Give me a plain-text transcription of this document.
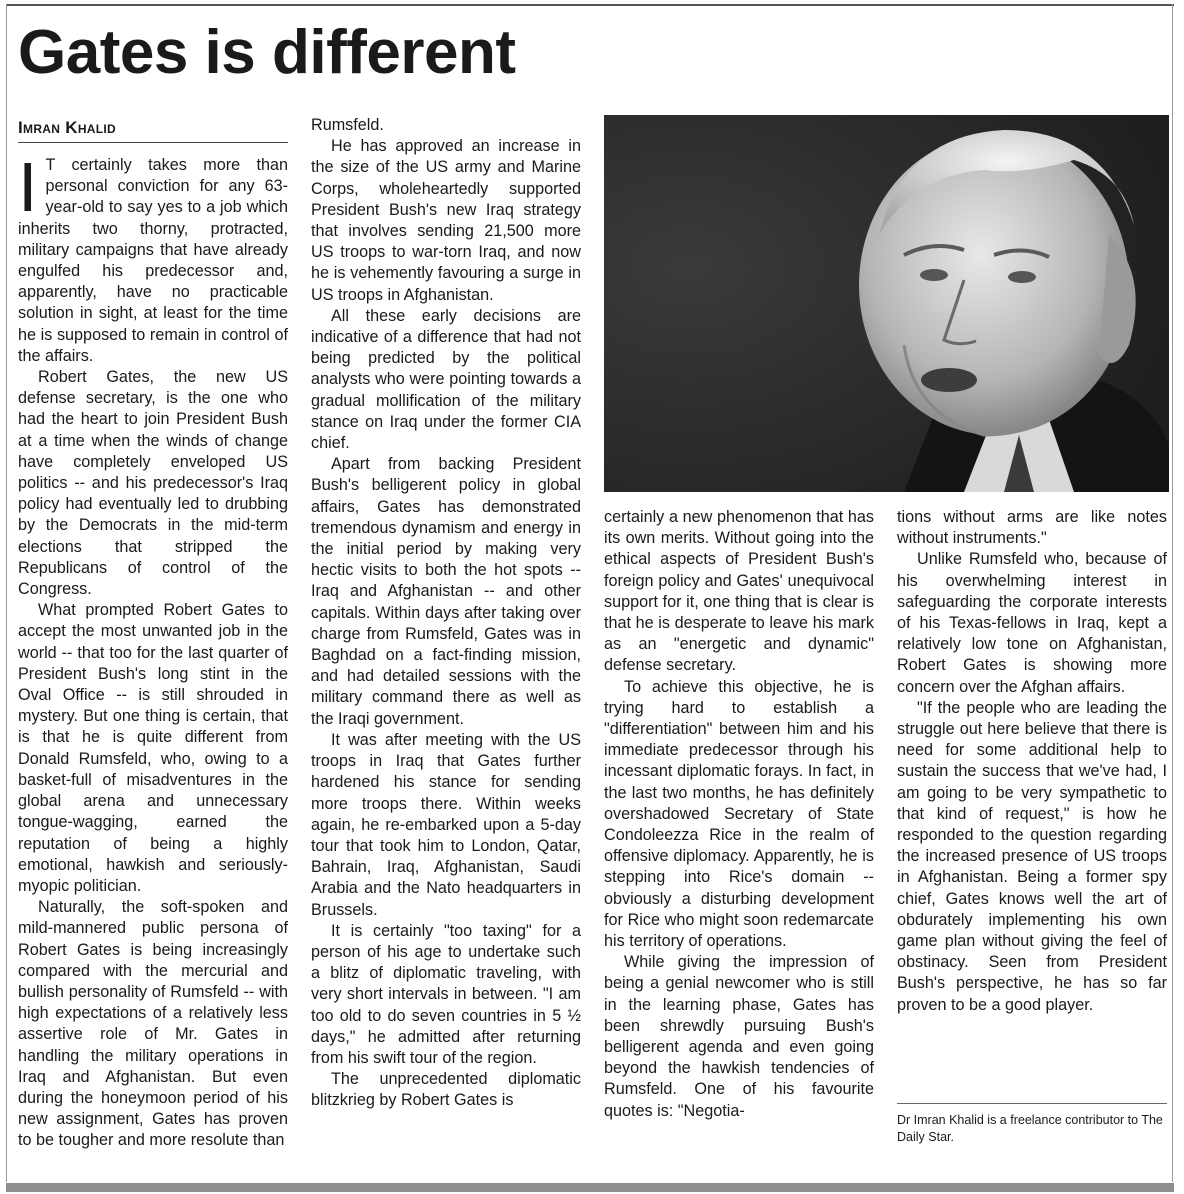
Gates is different
Imran Khalid

I T certainly takes more than personal conviction for any 63-year-old to say yes to a job which inherits two thorny, protracted, military campaigns that have already engulfed his predecessor and, apparently, have no practicable solution in sight, at least for the time he is supposed to remain in control of the affairs.

Robert Gates, the new US defense secretary, is the one who had the heart to join President Bush at a time when the winds of change have completely enveloped US politics -- and his predecessor's Iraq policy had eventually led to drubbing by the Democrats in the mid-term elections that stripped the Republicans of control of the Congress.

What prompted Robert Gates to accept the most unwanted job in the world -- that too for the last quarter of President Bush's long stint in the Oval Office -- is still shrouded in mystery. But one thing is certain, that is that he is quite different from Donald Rumsfeld, who, owing to a basket-full of misadventures in the global arena and unnecessary tongue-wagging, earned the reputation of being a highly emotional, hawkish and seriously-myopic politician.

Naturally, the soft-spoken and mild-mannered public persona of Robert Gates is being increasingly compared with the mercurial and bullish personality of Rumsfeld -- with high expectations of a relatively less assertive role of Mr. Gates in handling the military operations in Iraq and Afghanistan. But even during the honeymoon period of his new assignment, Gates has proven to be tougher and more resolute than

Rumsfeld.

He has approved an increase in the size of the US army and Marine Corps, wholeheartedly supported President Bush's new Iraq strategy that involves sending 21,500 more US troops to war-torn Iraq, and now he is vehemently favouring a surge in US troops in Afghanistan.

All these early decisions are indicative of a difference that had not being predicted by the political analysts who were pointing towards a gradual mollification of the military stance on Iraq under the former CIA chief.

Apart from backing President Bush's belligerent policy in global affairs, Gates has demonstrated tremendous dynamism and energy in the initial period by making very hectic visits to both the hot spots -- Iraq and Afghanistan -- and other capitals. Within days after taking over charge from Rumsfeld, Gates was in Baghdad on a fact-finding mission, and had detailed sessions with the military command there as well as the Iraqi government.

It was after meeting with the US troops in Iraq that Gates further hardened his stance for sending more troops there. Within weeks again, he re-embarked upon a 5-day tour that took him to London, Qatar, Bahrain, Iraq, Afghanistan, Saudi Arabia and the Nato headquarters in Brussels.

It is certainly "too taxing" for a person of his age to undertake such a blitz of diplomatic traveling, with very short intervals in between. "I am too old to do seven countries in 5 ½ days," he admitted after returning from his swift tour of the region.

The unprecedented diplomatic blitzkrieg by Robert Gates is

certainly a new phenomenon that has its own merits. Without going into the ethical aspects of President Bush's foreign policy and Gates' unequivocal support for it, one thing that is clear is that he is desperate to leave his mark as an "energetic and dynamic" defense secretary.

To achieve this objective, he is trying hard to establish a "differentiation" between him and his immediate predecessor through his incessant diplomatic forays. In fact, in the last two months, he has definitely overshadowed Secretary of State Condoleezza Rice in the realm of offensive diplomacy. Apparently, he is stepping into Rice's domain -- obviously a disturbing development for Rice who might soon redemarcate his territory of operations.

While giving the impression of being a genial newcomer who is still in the learning phase, Gates has been shrewdly pursuing Bush's belligerent agenda and even going beyond the hawkish tendencies of Rumsfeld. One of his favourite quotes is: "Negotia-

tions without arms are like notes without instruments."

Unlike Rumsfeld who, because of his overwhelming interest in safeguarding the corporate interests of his Texas-fellows in Iraq, kept a relatively low tone on Afghanistan, Robert Gates is showing more concern over the Afghan affairs.

"If the people who are leading the struggle out here believe that there is need for some additional help to sustain the success that we've had, I am going to be very sympathetic to that kind of request," is how he responded to the question regarding the increased presence of US troops in Afghanistan. Being a former spy chief, Gates knows well the art of obdurately implementing his own game plan without giving the feel of obstinacy. Seen from President Bush's perspective, he has so far proven to be a good player.

Dr Imran Khalid is a freelance contributor to The Daily Star.
